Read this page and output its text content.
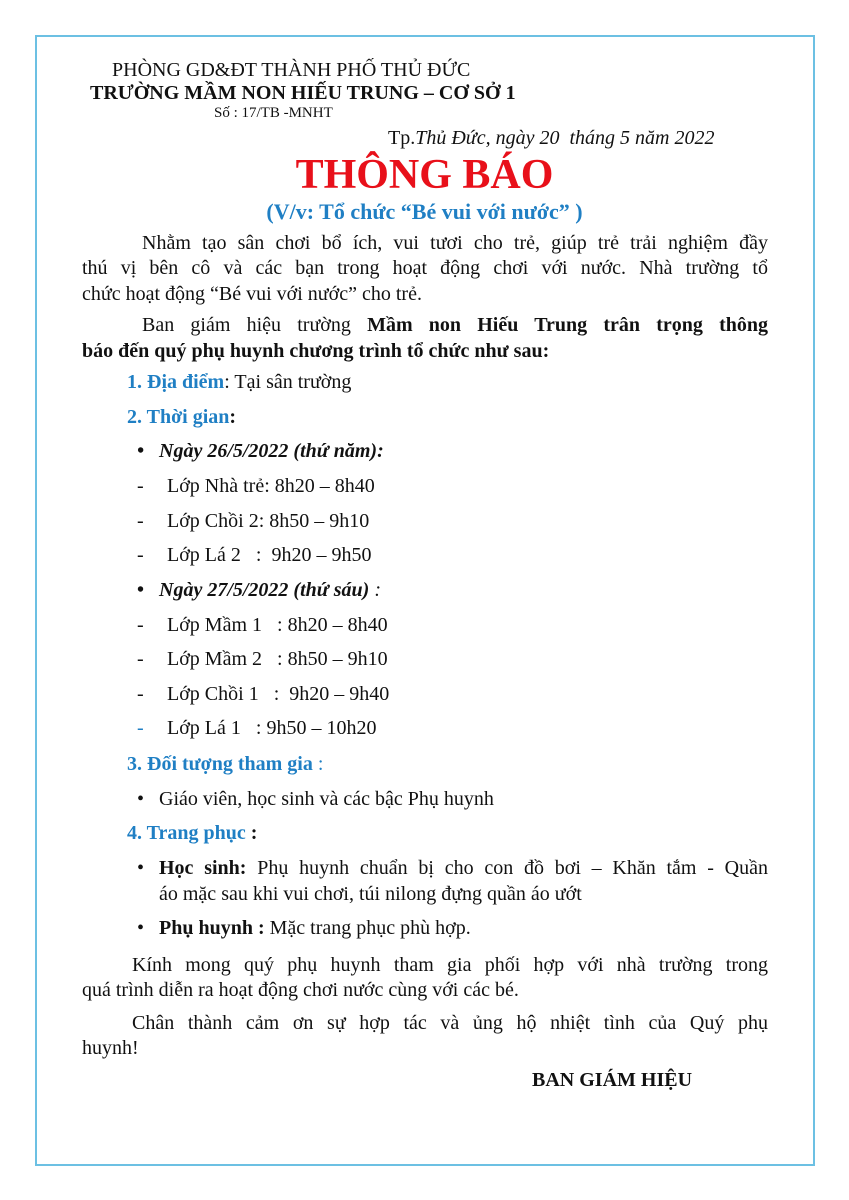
PHÒNG GD&ĐT THÀNH PHỐ THỦ ĐỨC
TRƯỜNG MẦM NON HIẾU TRUNG – CƠ SỞ 1
Số : 17/TB -MNHT
Tp.Thủ Đức, ngày 20  tháng 5 năm 2022
THÔNG BÁO
(V/v: Tổ chức “Bé vui với nước” )
Nhằm tạo sân chơi bổ ích, vui tươi cho trẻ, giúp trẻ trải nghiệm đầy
thú vị bên cô và các bạn trong hoạt động chơi với nước. Nhà trường tổ
chức hoạt động “Bé vui với nước” cho trẻ.
Ban giám hiệu trường Mầm non Hiếu Trung trân trọng thông
báo đến quý phụ huynh chương trình tổ chức như sau:
1. Địa điểm: Tại sân trường
2. Thời gian:
• Ngày 26/5/2022 (thứ năm):
- Lớp Nhà trẻ: 8h20 – 8h40
- Lớp Chồi 2: 8h50 – 9h10
- Lớp Lá 2   :  9h20 – 9h50
• Ngày 27/5/2022 (thứ sáu) :
- Lớp Mầm 1   : 8h20 – 8h40
- Lớp Mầm 2   : 8h50 – 9h10
- Lớp Chồi 1   :  9h20 – 9h40
- Lớp Lá 1   : 9h50 – 10h20
3. Đối tượng tham gia :
• Giáo viên, học sinh và các bậc Phụ huynh
4. Trang phục :
• Học sinh: Phụ huynh chuẩn bị cho con đồ bơi – Khăn tắm - Quần
áo mặc sau khi vui chơi, túi nilong đựng quần áo ướt
• Phụ huynh : Mặc trang phục phù hợp.
Kính mong quý phụ huynh tham gia phối hợp với nhà trường trong
quá trình diễn ra hoạt động chơi nước cùng với các bé.
Chân thành cảm ơn sự hợp tác và ủng hộ nhiệt tình của Quý phụ
huynh!
BAN GIÁM HIỆU
